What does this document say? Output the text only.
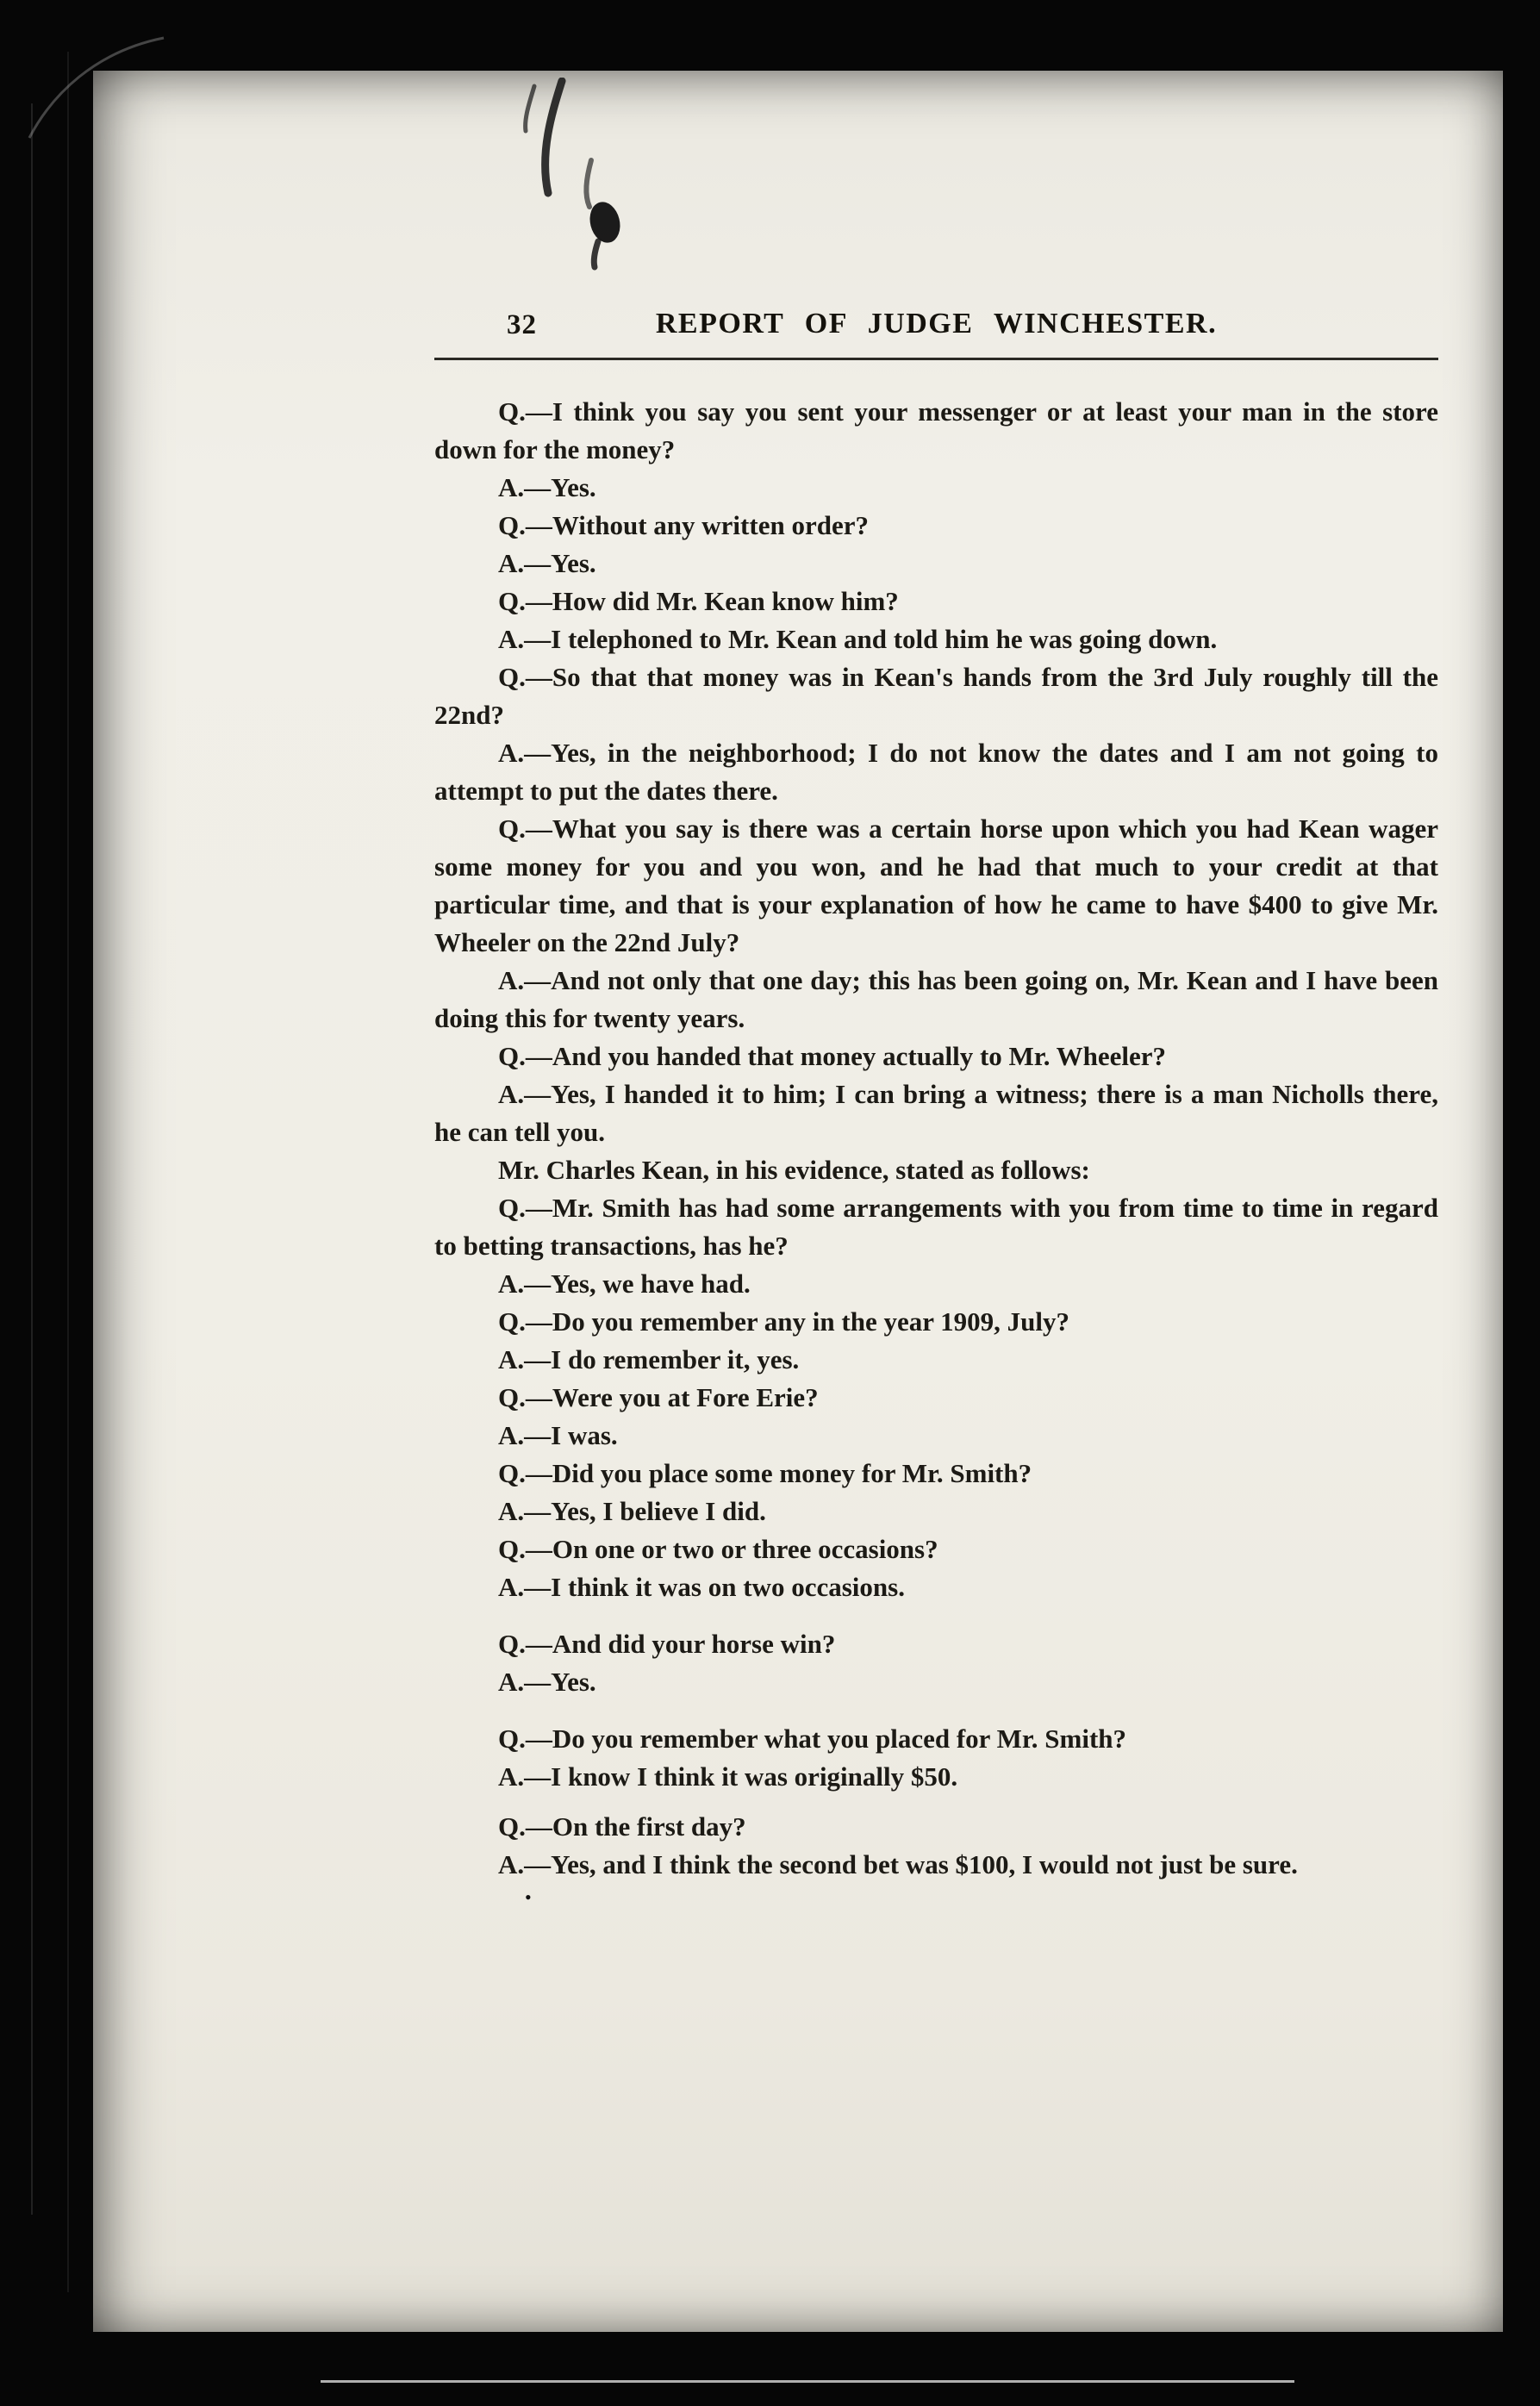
32	REPORT OF JUDGE WINCHESTER.

Q.—I think you say you sent your messenger or at least your man in the store down for the money?

A.—Yes.

Q.—Without any written order?

A.—Yes.

Q.—How did Mr. Kean know him?

A.—I telephoned to Mr. Kean and told him he was going down.

Q.—So that that money was in Kean's hands from the 3rd July roughly till the 22nd?

A.—Yes, in the neighborhood; I do not know the dates and I am not going to attempt to put the dates there.

Q.—What you say is there was a certain horse upon which you had Kean wager some money for you and you won, and he had that much to your credit at that particular time, and that is your explanation of how he came to have $400 to give Mr. Wheeler on the 22nd July?

A.—And not only that one day; this has been going on, Mr. Kean and I have been doing this for twenty years.

Q.—And you handed that money actually to Mr. Wheeler?

A.—Yes, I handed it to him; I can bring a witness; there is a man Nicholls there, he can tell you.

Mr. Charles Kean, in his evidence, stated as follows:

Q.—Mr. Smith has had some arrangements with you from time to time in regard to betting transactions, has he?

A.—Yes, we have had.

Q.—Do you remember any in the year 1909, July?

A.—I do remember it, yes.

Q.—Were you at Fore Erie?

A.—I was.

Q.—Did you place some money for Mr. Smith?

A.—Yes, I believe I did.

Q.—On one or two or three occasions?

A.—I think it was on two occasions.

Q.—And did your horse win?

A.—Yes.

Q.—Do you remember what you placed for Mr. Smith?

A.—I know I think it was originally $50.

Q.—On the first day?

A.—Yes, and I think the second bet was $100, I would not just be sure.

•
